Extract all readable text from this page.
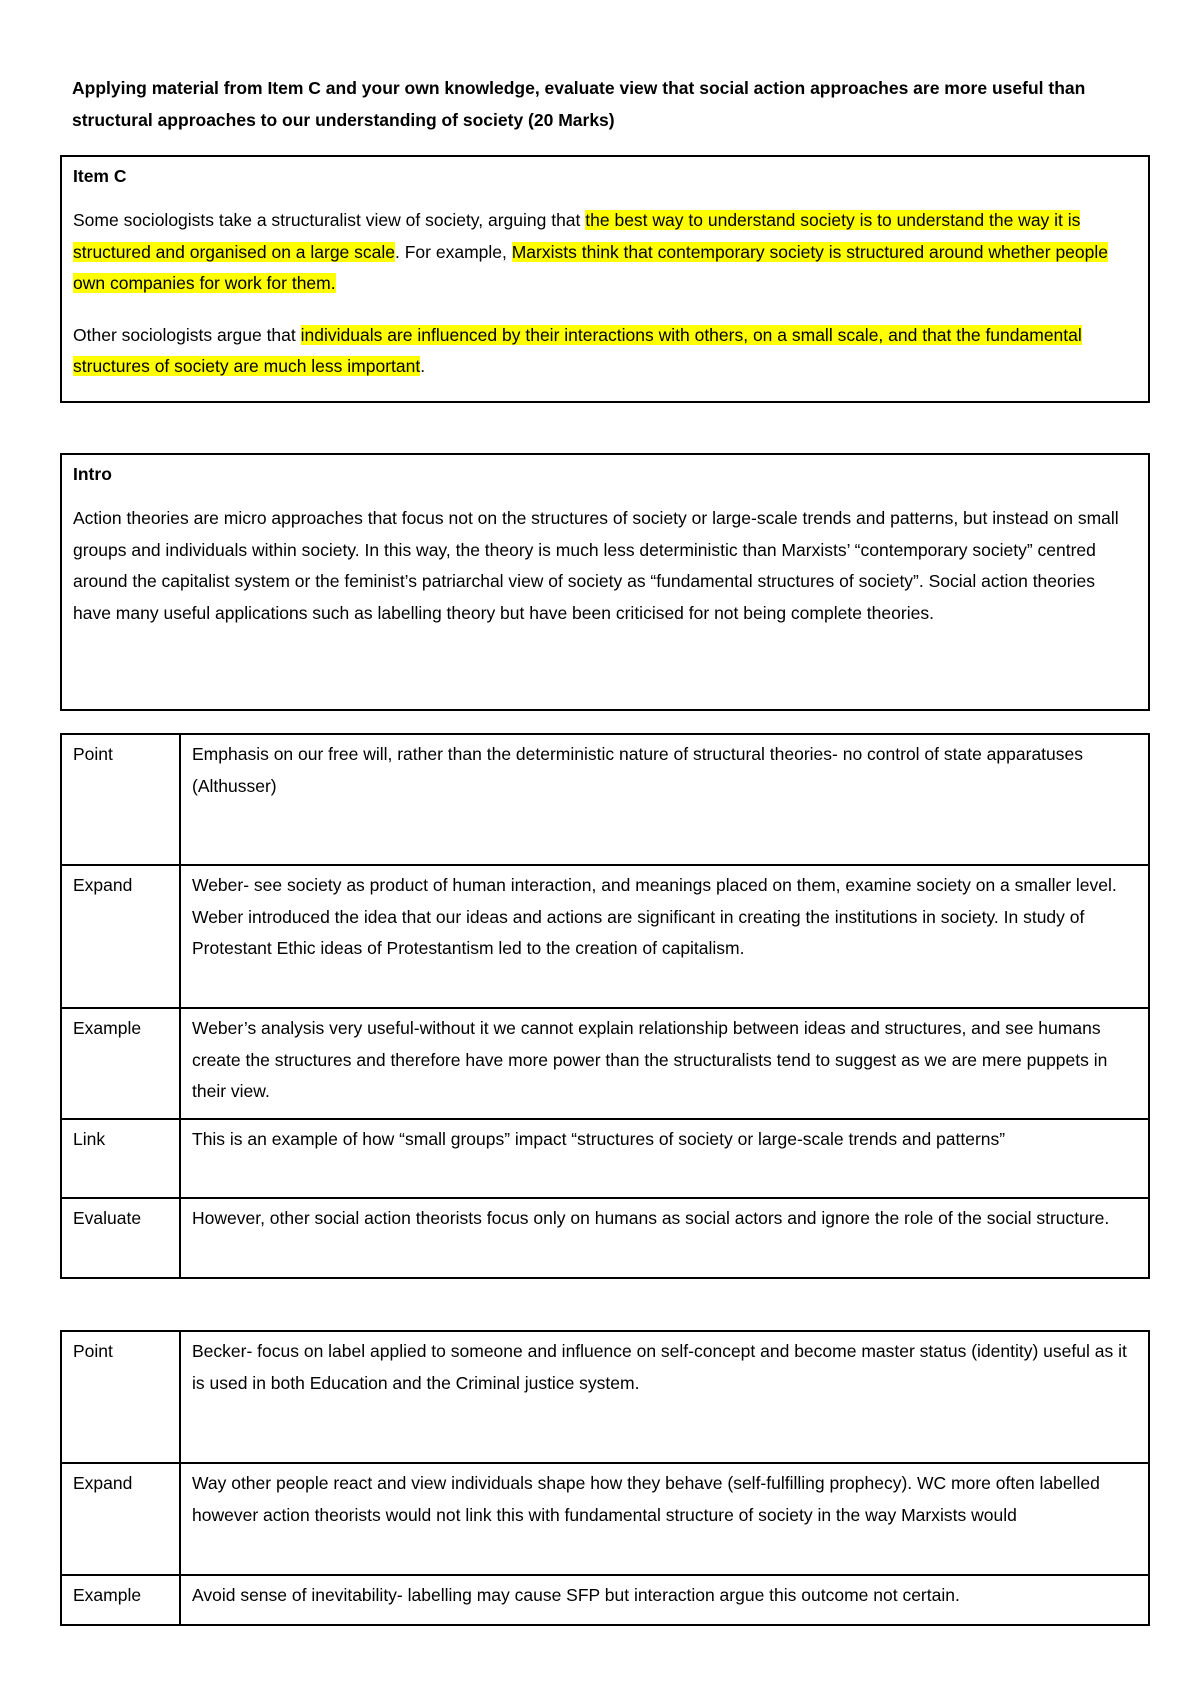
Applying material from Item C and your own knowledge, evaluate view that social action approaches are more useful than structural approaches to our understanding of society (20 Marks)
Item C

Some sociologists take a structuralist view of society, arguing that the best way to understand society is to understand the way it is structured and organised on a large scale. For example, Marxists think that contemporary society is structured around whether people own companies for work for them.

Other sociologists argue that individuals are influenced by their interactions with others, on a small scale, and that the fundamental structures of society are much less important.

Intro

Action theories are micro approaches that focus not on the structures of society or large-scale trends and patterns, but instead on small groups and individuals within society. In this way, the theory is much less deterministic than Marxists’ “contemporary society” centred around the capitalist system or the feminist’s patriarchal view of society as “fundamental structures of society”. Social action theories have many useful applications such as labelling theory but have been criticised for not being complete theories.

Point	Emphasis on our free will, rather than the deterministic nature of structural theories- no control of state apparatuses (Althusser)
Expand	Weber- see society as product of human interaction, and meanings placed on them, examine society on a smaller level. Weber introduced the idea that our ideas and actions are significant in creating the institutions in society. In study of Protestant Ethic ideas of Protestantism led to the creation of capitalism.
Example	Weber’s analysis very useful-without it we cannot explain relationship between ideas and structures, and see humans create the structures and therefore have more power than the structuralists tend to suggest as we are mere puppets in their view.
Link	This is an example of how “small groups” impact “structures of society or large-scale trends and patterns”
Evaluate	However, other social action theorists focus only on humans as social actors and ignore the role of the social structure.
Point	Becker- focus on label applied to someone and influence on self-concept and become master status (identity) useful as it is used in both Education and the Criminal justice system.
Expand	Way other people react and view individuals shape how they behave (self-fulfilling prophecy). WC more often labelled however action theorists would not link this with fundamental structure of society in the way Marxists would
Example	Avoid sense of inevitability- labelling may cause SFP but interaction argue this outcome not certain.
